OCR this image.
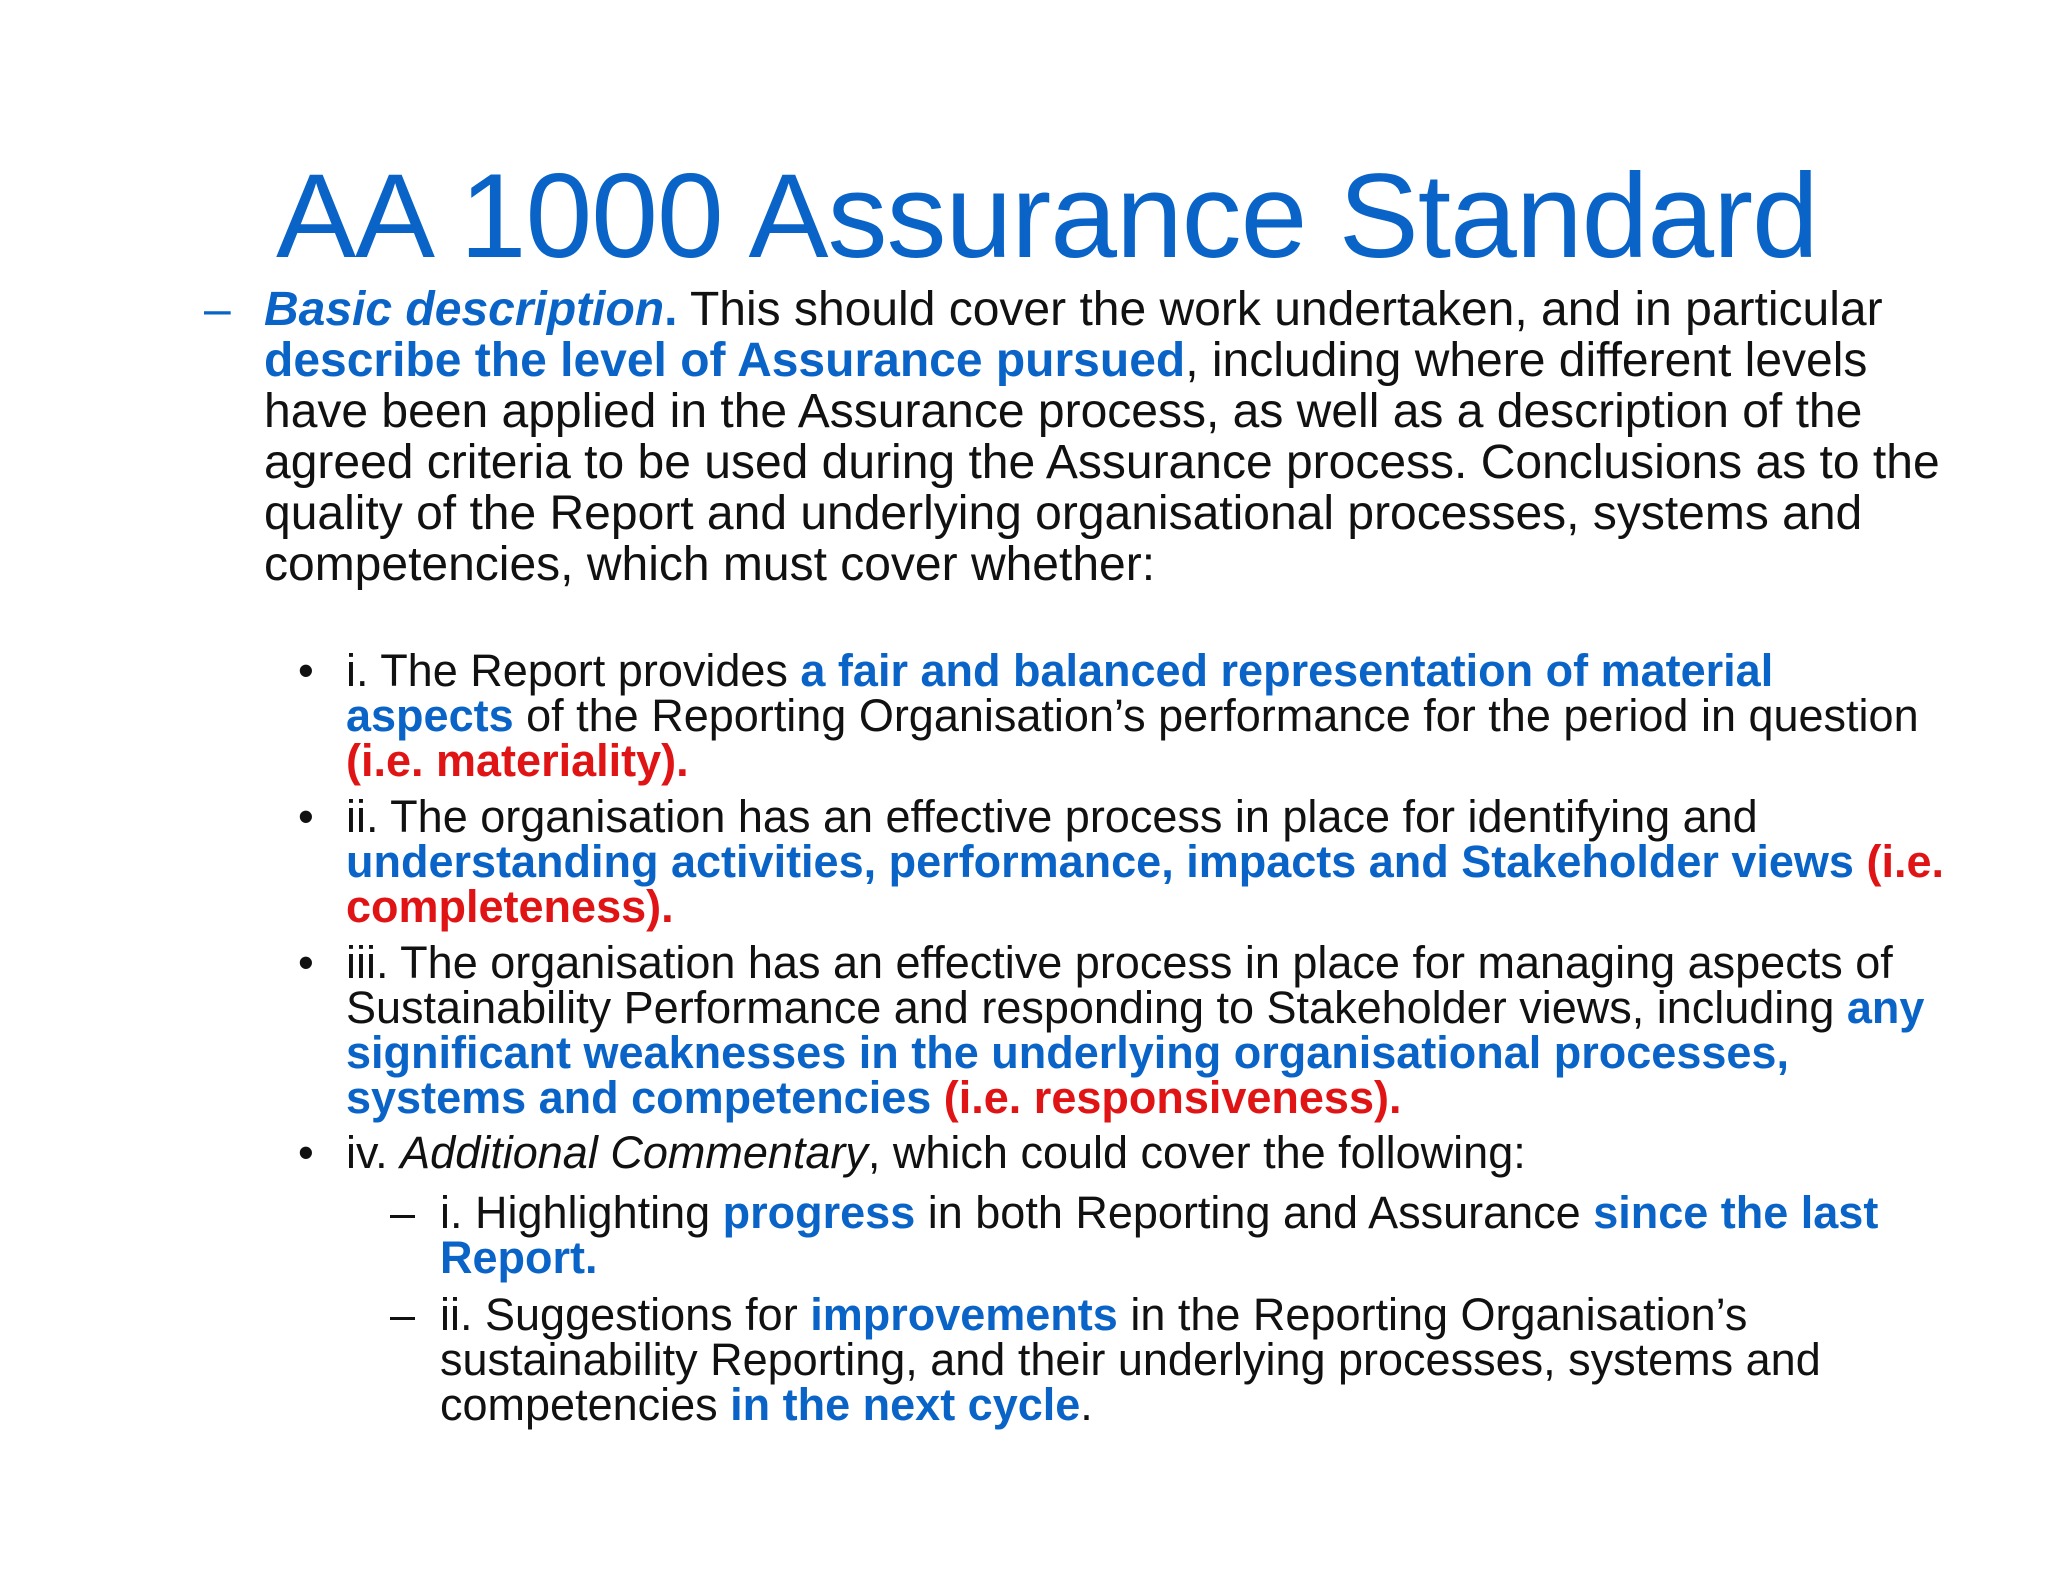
AA 1000 Assurance Standard
– Basic description. This should cover the work undertaken, and in particular describe the level of Assurance pursued, including where different levels have been applied in the Assurance process, as well as a description of the agreed criteria to be used during the Assurance process. Conclusions as to the quality of the Report and underlying organisational processes, systems and competencies, which must cover whether:
• i. The Report provides a fair and balanced representation of material aspects of the Reporting Organisation’s performance for the period in question (i.e. materiality).
• ii. The organisation has an effective process in place for identifying and understanding activities, performance, impacts and Stakeholder views (i.e. completeness).
• iii. The organisation has an effective process in place for managing aspects of Sustainability Performance and responding to Stakeholder views, including any significant weaknesses in the underlying organisational processes, systems and competencies (i.e. responsiveness).
• iv. Additional Commentary, which could cover the following:
– i. Highlighting progress in both Reporting and Assurance since the last Report.
– ii. Suggestions for improvements in the Reporting Organisation’s sustainability Reporting, and their underlying processes, systems and competencies in the next cycle.
